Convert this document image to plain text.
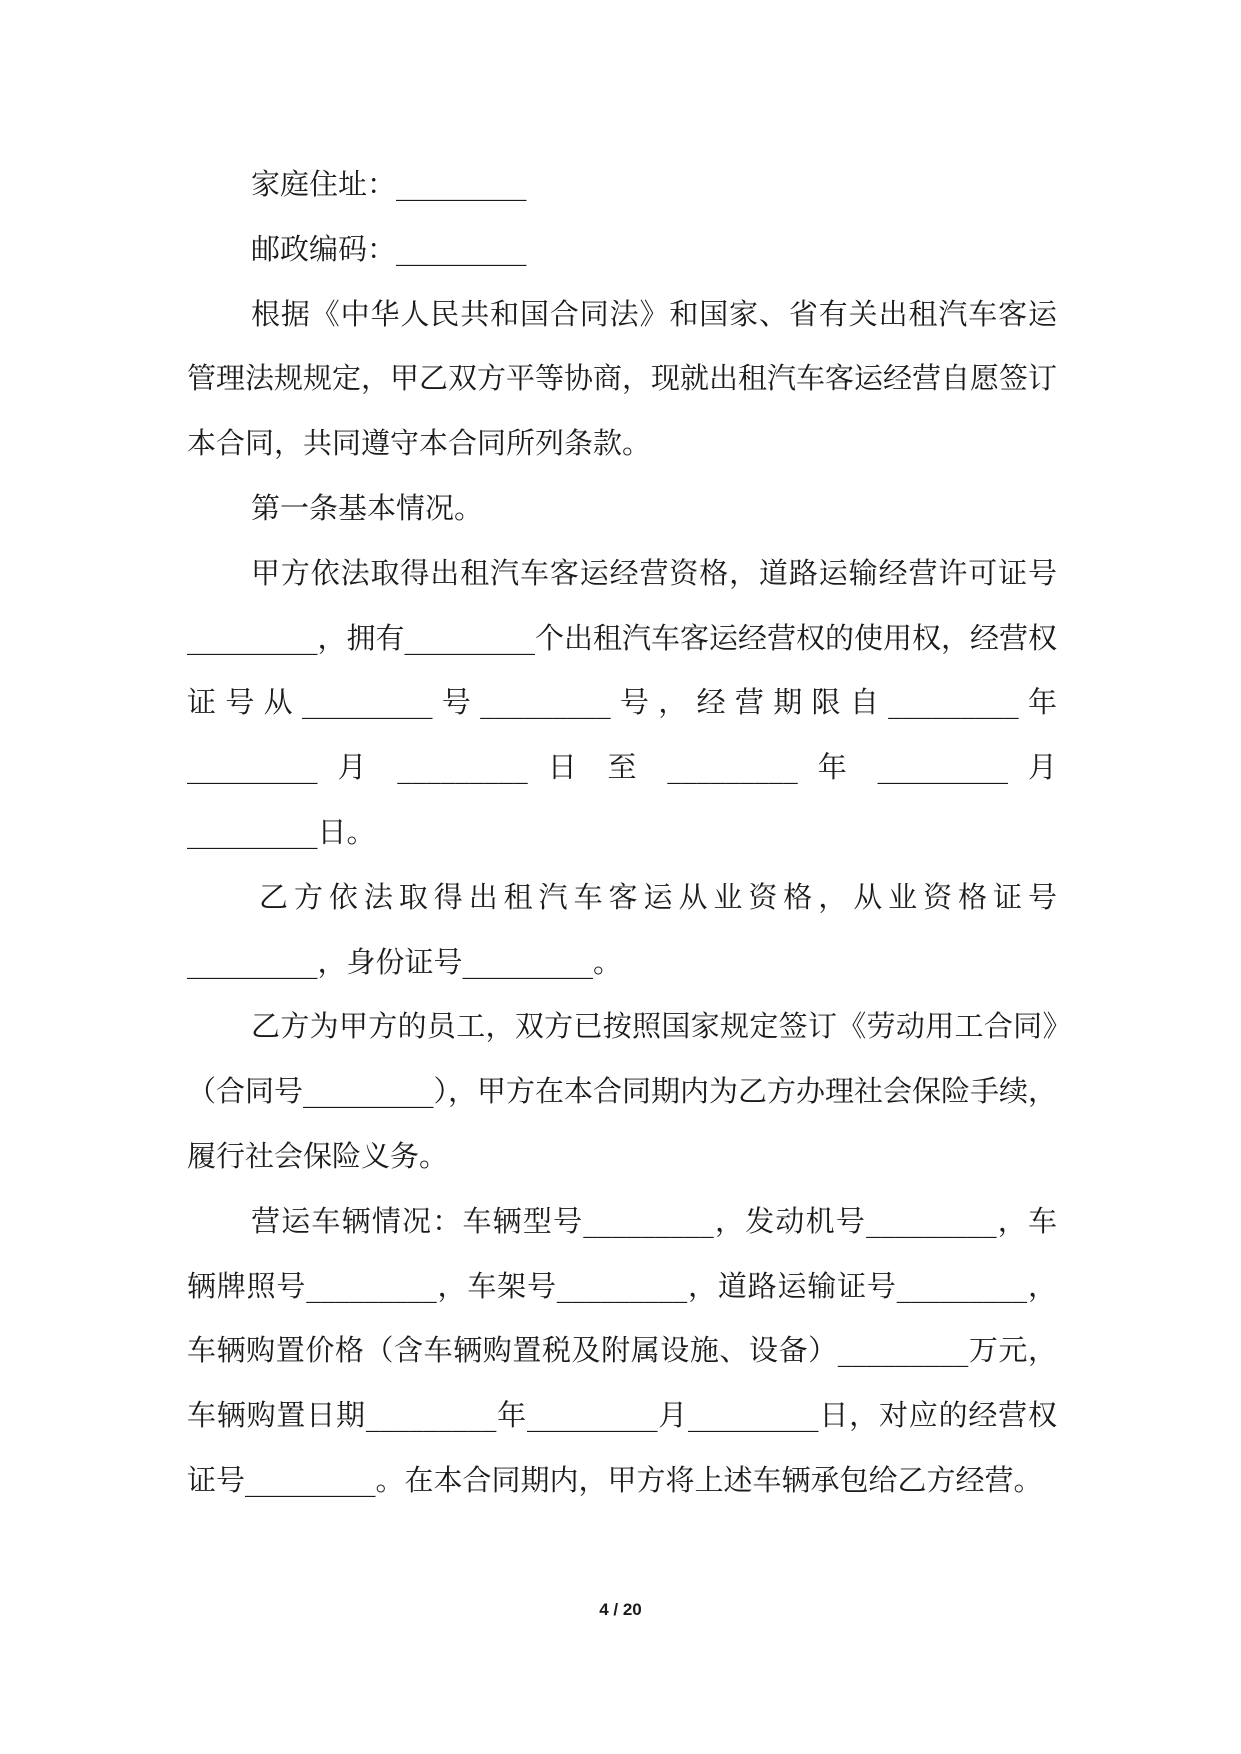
家庭住址：_________

邮政编码：_________

根据《中华人民共和国合同法》和国家、省有关出租汽车客运管理法规规定，甲乙双方平等协商，现就出租汽车客运经营自愿签订本合同，共同遵守本合同所列条款。

第一条基本情况。

甲方依法取得出租汽车客运经营资格，道路运输经营许可证号_________，拥有_________个出租汽车客运经营权的使用权，经营权证号从_________号_________号，经营期限自_________年 _________ 月 _________ 日 至 _________ 年 _________ 月_________日。

乙方依法取得出租汽车客运从业资格，从业资格证号_________，身份证号_________。

乙方为甲方的员工，双方已按照国家规定签订《劳动用工合同》（合同号_________），甲方在本合同期内为乙方办理社会保险手续，履行社会保险义务。

营运车辆情况：车辆型号_________，发动机号_________，车辆牌照号_________，车架号_________，道路运输证号_________，车辆购置价格（含车辆购置税及附属设施、设备）_________万元，车辆购置日期_________年_________月_________日，对应的经营权证号_________。在本合同期内，甲方将上述车辆承包给乙方经营。

4 / 20
